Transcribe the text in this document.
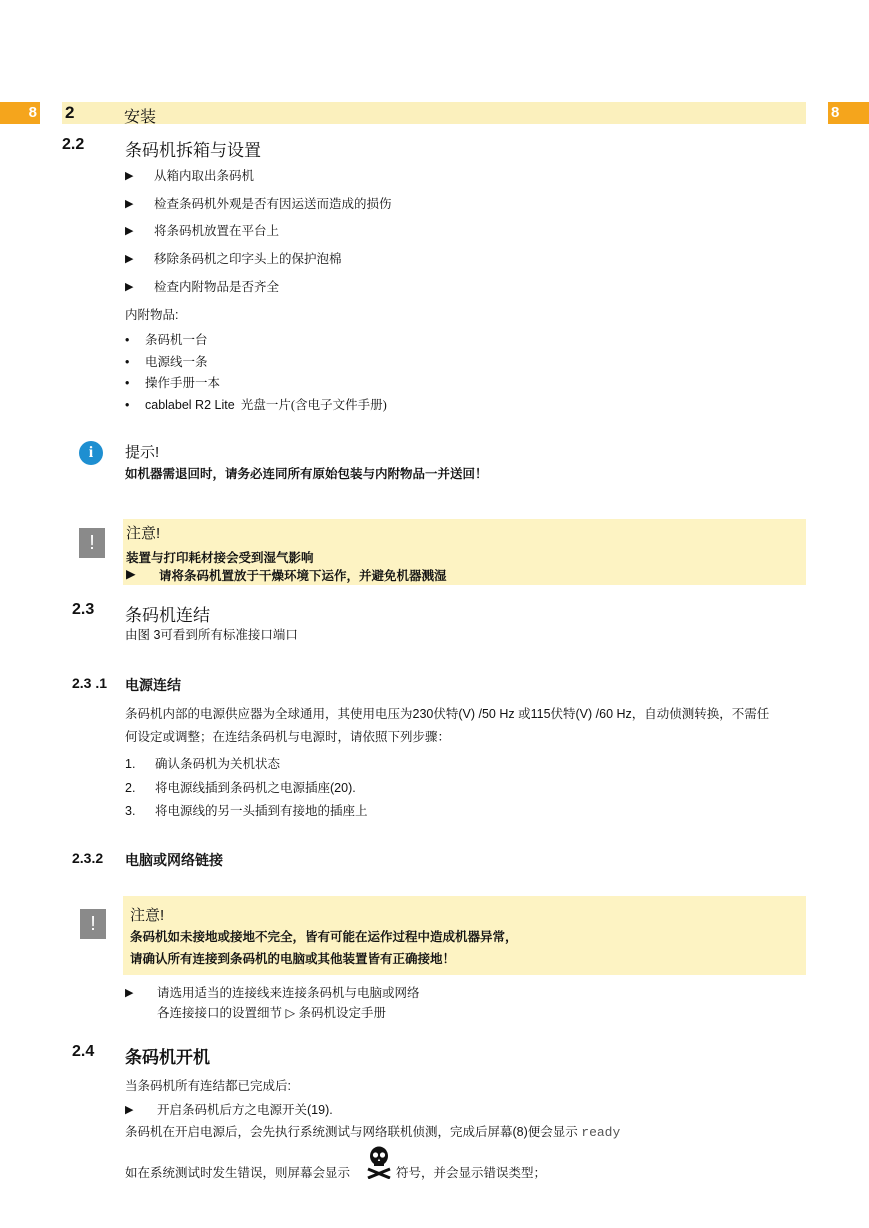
8 2	安装	8
2.2 条码机拆箱与设置
▶ 从箱内取出条码机
▶ 检查条码机外观是否有因运送而造成的损伤
▶ 将条码机放置在平台上
▶ 移除条码机之印字头上的保护泡棉
▶ 检查内附物品是否齐全
内附物品:
• 条码机一台
• 电源线一条
• 操作手册一本
• cablabel R2 Lite 光盘一片(含电子文件手册)
i	提示!
如机器需退回时，请务必连同所有原始包装与内附物品一并送回！
!	注意!
装置与打印耗材接会受到湿气影响
▶ 请将条码机置放于干燥环境下运作，并避免机器溅湿
2.3 条码机连结
由图 3可看到所有标准接口端口
2.3 .1 电源连结
条码机内部的电源供应器为全球通用，其使用电压为230伏特(V) /50 Hz 或115伏特(V) /60 Hz，自动侦测转换，不需任
何设定或调整；在连结条码机与电源时，请依照下列步骤：
1. 确认条码机为关机状态
2. 将电源线插到条码机之电源插座(20).
3. 将电源线的另一头插到有接地的插座上
2.3.2 电脑或网络链接
!	注意!
条码机如未接地或接地不完全，皆有可能在运作过程中造成机器异常，
请确认所有连接到条码机的电脑或其他装置皆有正确接地！
▶ 请选用适当的连接线来连接条码机与电脑或网络
各连接接口的设置细节 ▷ 条码机设定手册
2.4 条码机开机
当条码机所有连结都已完成后:
▶ 开启条码机后方之电源开关(19).
条码机在开启电源后，会先执行系统测试与网络联机侦测，完成后屏幕(8)便会显示 ready
如在系统测试时发生错误，则屏幕会显示	符号，并会显示错误类型；
